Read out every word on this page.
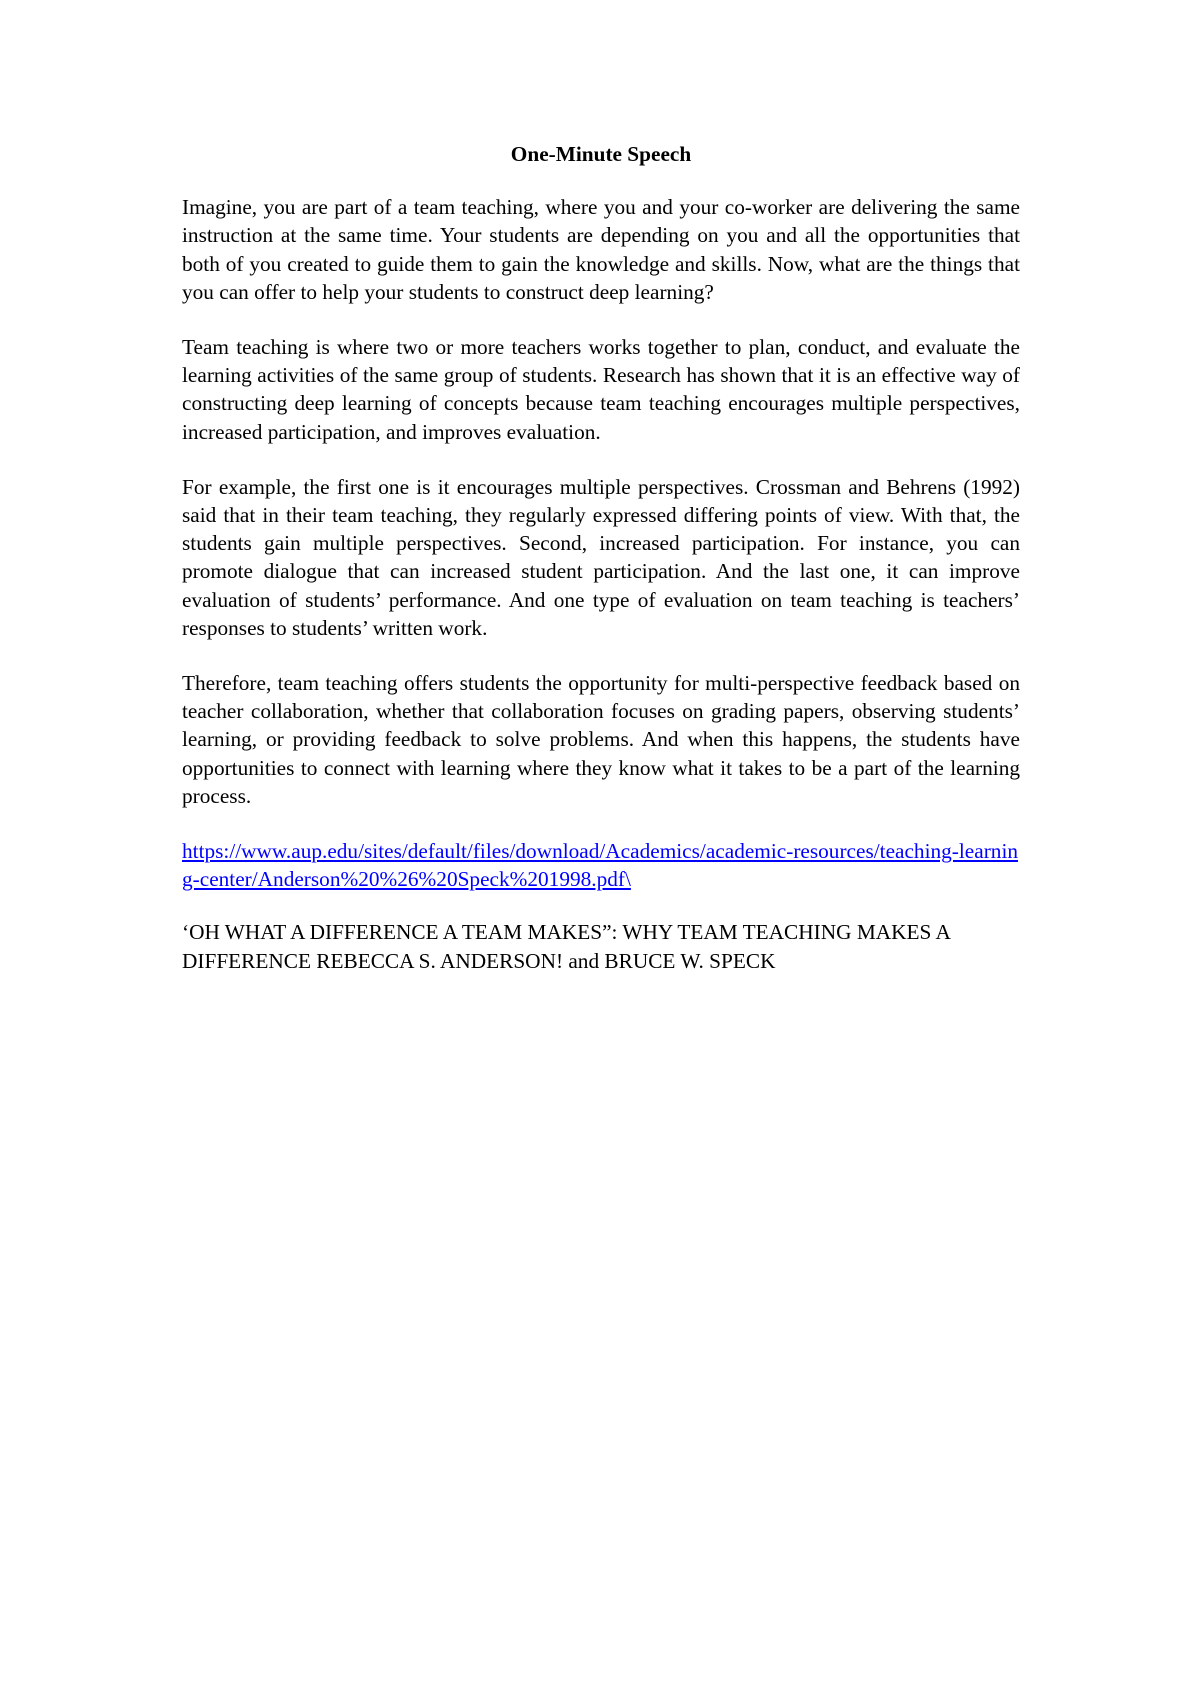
One-Minute Speech

Imagine, you are part of a team teaching, where you and your co-worker are delivering the same instruction at the same time. Your students are depending on you and all the opportunities that both of you created to guide them to gain the knowledge and skills. Now, what are the things that you can offer to help your students to construct deep learning?

Team teaching is where two or more teachers works together to plan, conduct, and evaluate the learning activities of the same group of students. Research has shown that it is an effective way of constructing deep learning of concepts because team teaching encourages multiple perspectives, increased participation, and improves evaluation.

For example, the first one is it encourages multiple perspectives. Crossman and Behrens (1992) said that in their team teaching, they regularly expressed differing points of view. With that, the students gain multiple perspectives. Second, increased participation. For instance, you can promote dialogue that can increased student participation. And the last one, it can improve evaluation of students’ performance. And one type of evaluation on team teaching is teachers’ responses to students’ written work.

Therefore, team teaching offers students the opportunity for multi-perspective feedback based on teacher collaboration, whether that collaboration focuses on grading papers, observing students’ learning, or providing feedback to solve problems. And when this happens, the students have opportunities to connect with learning where they know what it takes to be a part of the learning process.

https://www.aup.edu/sites/default/files/download/Academics/academic-resources/teaching-learning-center/Anderson%20%26%20Speck%201998.pdf\

‘OH WHAT A DIFFERENCE A TEAM MAKES”: WHY TEAM TEACHING MAKES A DIFFERENCE REBECCA S. ANDERSON! and BRUCE W. SPECK
